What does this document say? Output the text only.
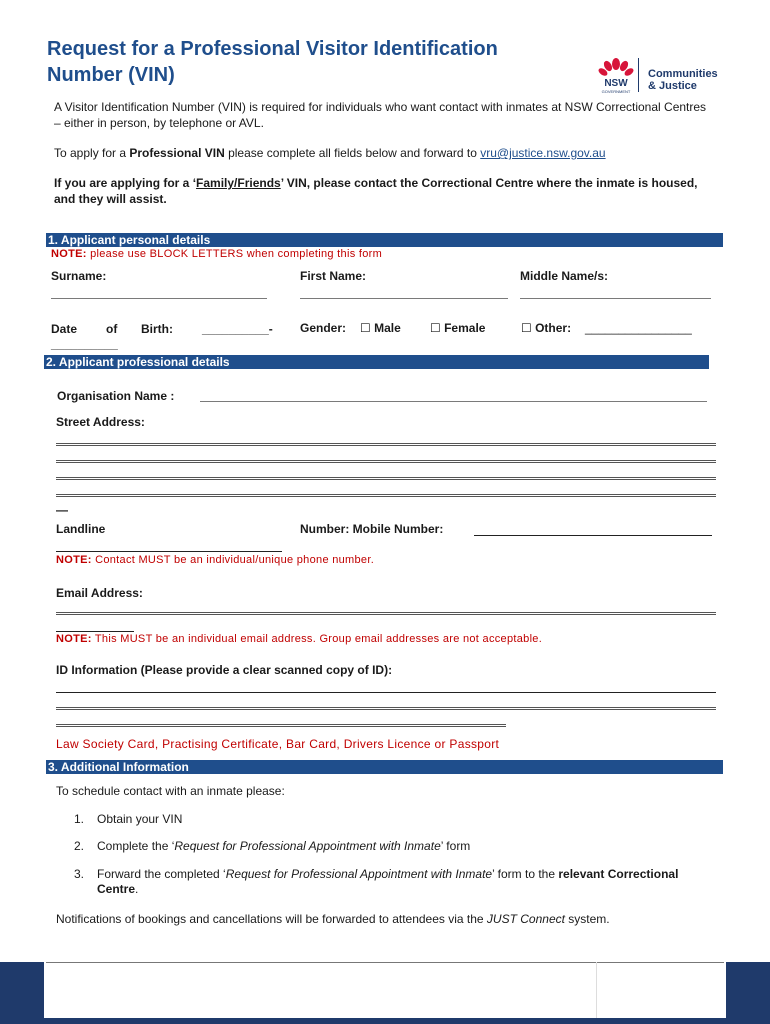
Request for a Professional Visitor Identification
Number (VIN)	NSW
GOVERNMENT
Communities
& Justice
A Visitor Identification Number (VIN) is required for individuals who want contact with inmates at NSW Correctional Centres – either in person, by telephone or AVL.
To apply for a Professional VIN please complete all fields below and forward to vru@justice.nsw.gov.au
If you are applying for a ‘Family/Friends’ VIN, please contact the Correctional Centre where the inmate is housed, and they will assist.
1. Applicant personal details
NOTE: please use BLOCK LETTERS when completing this form
Surname:	First Name:	Middle Name/s:
Date of Birth: __________- Gender: ☐ Male ☐ Female	☐ Other: ________________
__________
2. Applicant professional details
Organisation Name :
Street Address:
—
Landline	Number: Mobile Number:
NOTE: Contact MUST be an individual/unique phone number.
Email Address:
NOTE: This MUST be an individual email address. Group email addresses are not acceptable.
ID Information (Please provide a clear scanned copy of ID):
Law Society Card, Practising Certificate, Bar Card, Drivers Licence or Passport
3. Additional Information
To schedule contact with an inmate please:
1. Obtain your VIN
2. Complete the ‘Request for Professional Appointment with Inmate’ form
3. Forward the completed ‘Request for Professional Appointment with Inmate’ form to the relevant Correctional Centre.
Notifications of bookings and cancellations will be forwarded to attendees via the JUST Connect system.
